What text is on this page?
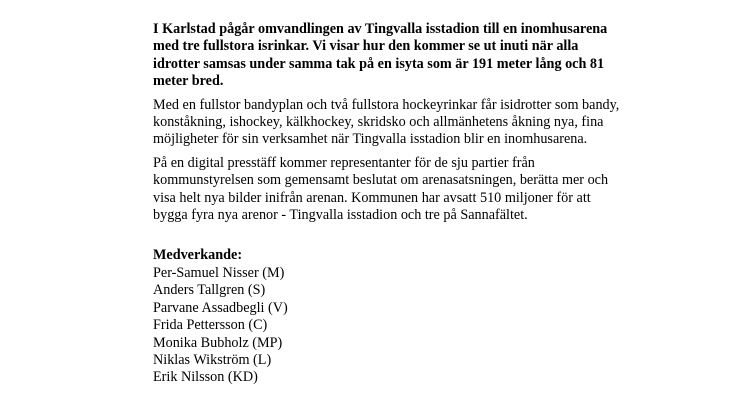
I Karlstad pågår omvandlingen av Tingvalla isstadion till en inomhusarena med tre fullstora isrinkar. Vi visar hur den kommer se ut inuti när alla idrotter samsas under samma tak på en isyta som är 191 meter lång och 81 meter bred.

Med en fullstor bandyplan och två fullstora hockeyrinkar får isidrotter som bandy, konståkning, ishockey, kälkhockey, skridsko och allmänhetens åkning nya, fina möjligheter för sin verksamhet när Tingvalla isstadion blir en inomhusarena.

På en digital presstäff kommer representanter för de sju partier från kommunstyrelsen som gemensamt beslutat om arenasatsningen, berätta mer och visa helt nya bilder inifrån arenan. Kommunen har avsatt 510 miljoner för att bygga fyra nya arenor - Tingvalla isstadion och tre på Sannafältet.

Medverkande:

Per-Samuel Nisser (M)
Anders Tallgren (S)
Parvane Assadbegli (V)
Frida Pettersson (C)
Monika Bubholz (MP)
Niklas Wikström (L)
Erik Nilsson (KD)
